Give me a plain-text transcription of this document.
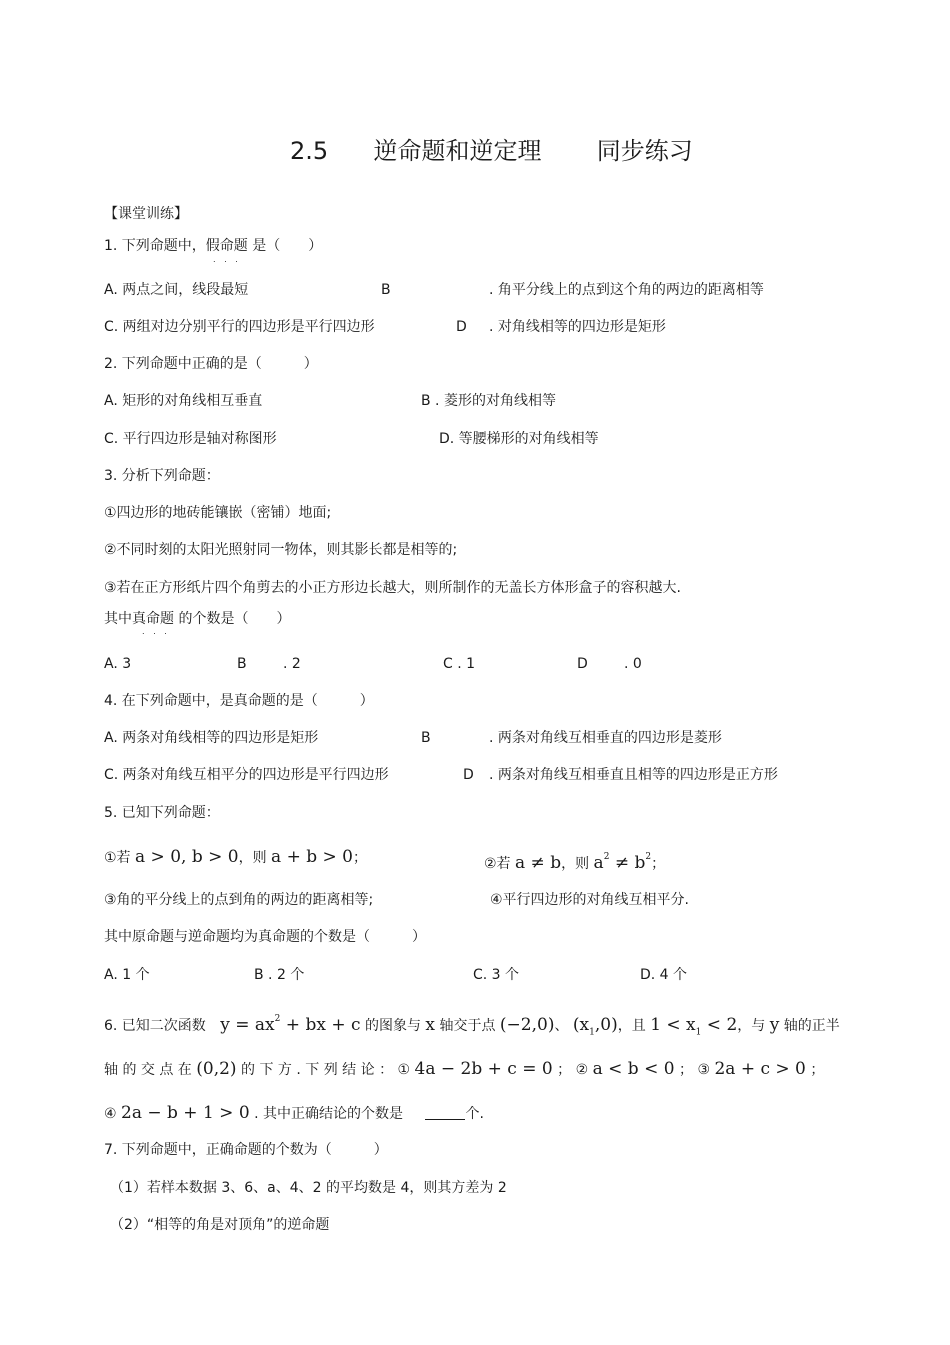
2.5 逆命题和逆定理 同步练习
【课堂训练】
1. 下列命题中，假命题 是（　　）
. . .
A. 两点之间，线段最短	B	. 角平分线上的点到这个角的两边的距离相等
C. 两组对边分别平行的四边形是平行四边形	D . 对角线相等的四边形是矩形
2. 下列命题中正确的是（　　　）
A. 矩形的对角线相互垂直	B . 菱形的对角线相等
C. 平行四边形是轴对称图形	D. 等腰梯形的对角线相等
3. 分析下列命题：
①四边形的地砖能镶嵌（密铺）地面;
②不同时刻的太阳光照射同一物体，则其影长都是相等的;
③若在正方形纸片四个角剪去的小正方形边长越大，则所制作的无盖长方体形盒子的容积越大.
其中真命题 的个数是（　　）
. . .
A. 3	B	. 2	C . 1	D	. 0
4. 在下列命题中，是真命题的是（　　　）
A. 两条对角线相等的四边形是矩形	B	. 两条对角线互相垂直的四边形是菱形
C. 两条对角线互相平分的四边形是平行四边形	D . 两条对角线互相垂直且相等的四边形是正方形
5. 已知下列命题：
①若 a > 0, b > 0，则 a + b > 0；	②若 a ≠ b，则 $a^2 \ne b^2$；
③角的平分线上的点到角的两边的距离相等;	④平行四边形的对角线互相平分.
其中原命题与逆命题均为真命题的个数是（　　　）
A. 1 个	B . 2 个	C. 3 个	D. 4 个
6. 已知二次函数 $y = ax^2$ + bx + c 的图象与 x 轴交于点 (−2,0)、 $(x_1,0)$，且 $1 < x_1 < 2$，与 y 轴的正半
轴 的 交 点 在 (0,2) 的 下 方 . 下 列 结 论 ： ① 4a − 2b + c = 0 ； ② a < b < 0 ； ③ 2a + c > 0 ；
④ 2a − b + 1 > 0 . 其中正确结论的个数是	个.
7. 下列命题中，正确命题的个数为（　　　）
（1）若样本数据 3、6、a、4、2 的平均数是 4，则其方差为 2
（2）“相等的角是对顶角”的逆命题
